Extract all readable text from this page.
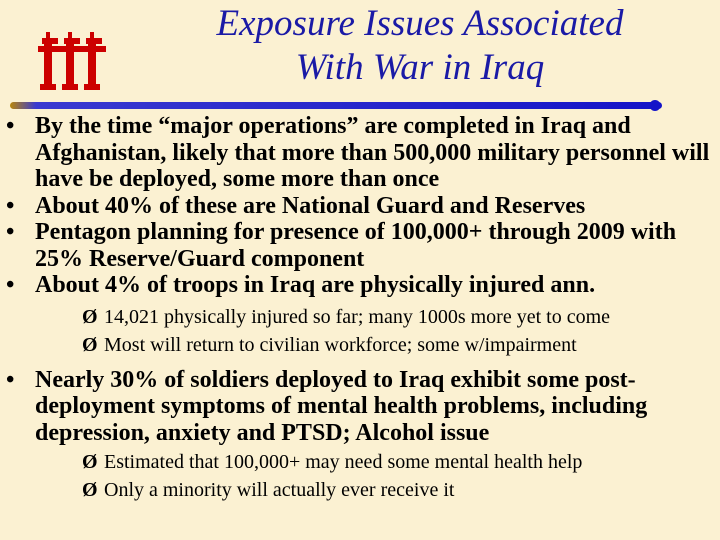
Exposure Issues Associated
With War in Iraq
• By the time “major operations” are completed in Iraq and Afghanistan, likely that more than 500,000 military personnel will have be deployed, some more than once
• About 40% of these are National Guard and Reserves
• Pentagon planning for presence of 100,000+ through 2009 with 25% Reserve/Guard component
• About 4% of troops in Iraq are physically injured ann.
Ø 14,021 physically injured so far; many 1000s more yet to come
Ø Most will return to civilian workforce; some w/impairment
• Nearly 30% of soldiers deployed to Iraq exhibit some post-deployment symptoms of mental health problems, including depression, anxiety and PTSD; Alcohol issue
Ø Estimated that 100,000+ may need some mental health help
Ø Only a minority will actually ever receive it
